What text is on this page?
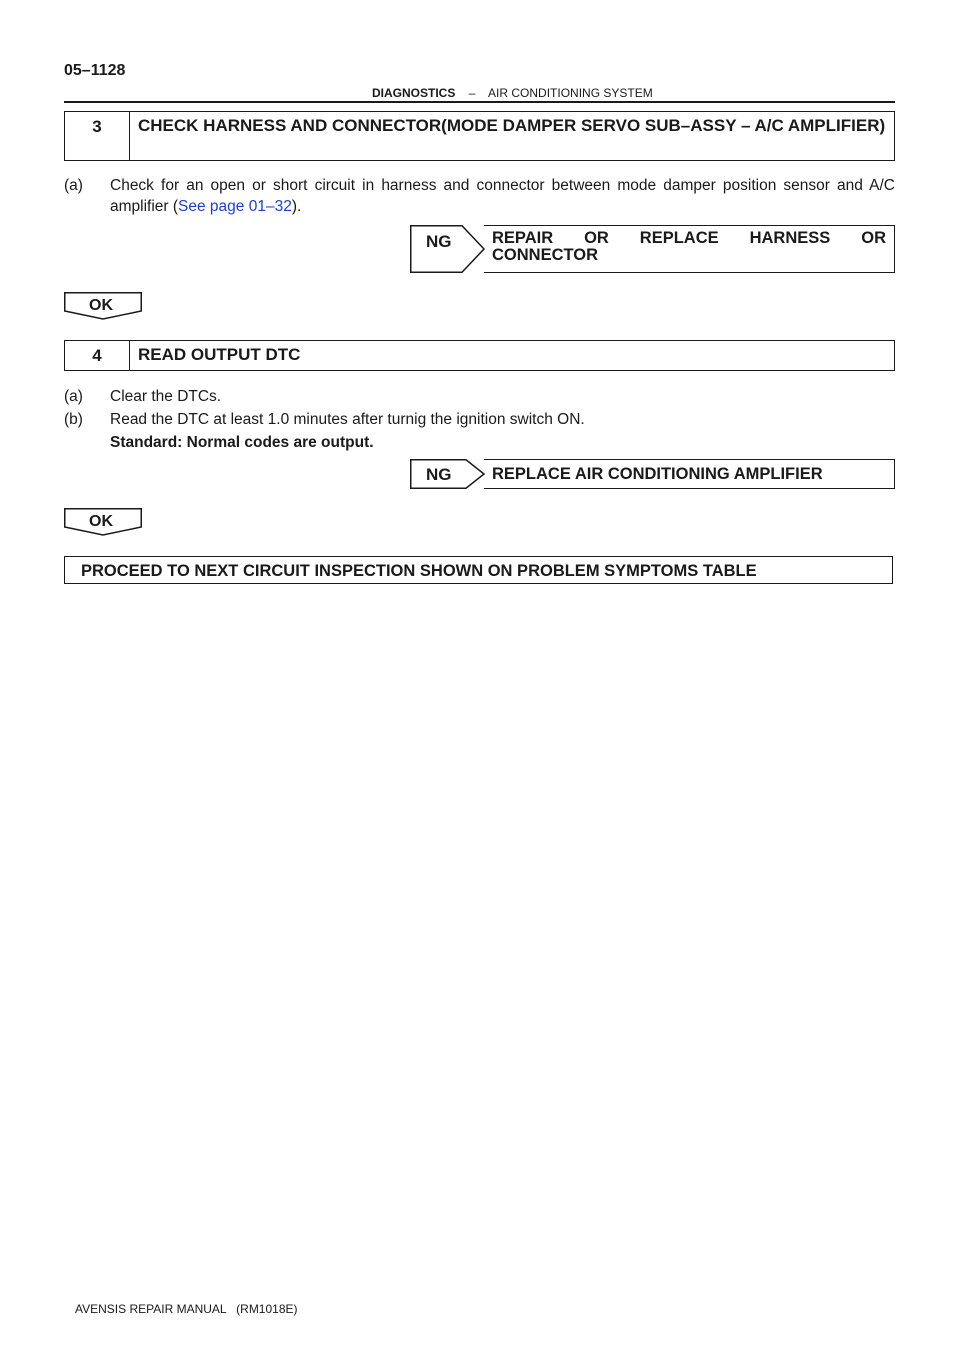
05–1128
DIAGNOSTICS – AIR CONDITIONING SYSTEM
3	CHECK HARNESS AND CONNECTOR(MODE DAMPER SERVO SUB–ASSY – A/C AMPLIFIER)
(a) Check for an open or short circuit in harness and connector between mode damper position sensor and A/C amplifier (See page 01–32).
NG REPAIR OR REPLACE HARNESS OR CONNECTOR
OK
4	READ OUTPUT DTC
(a) Clear the DTCs.
(b) Read the DTC at least 1.0 minutes after turnig the ignition switch ON.
Standard: Normal codes are output.
NG REPLACE AIR CONDITIONING AMPLIFIER
OK
PROCEED TO NEXT CIRCUIT INSPECTION SHOWN ON PROBLEM SYMPTOMS TABLE
AVENSIS REPAIR MANUAL   (RM1018E)
